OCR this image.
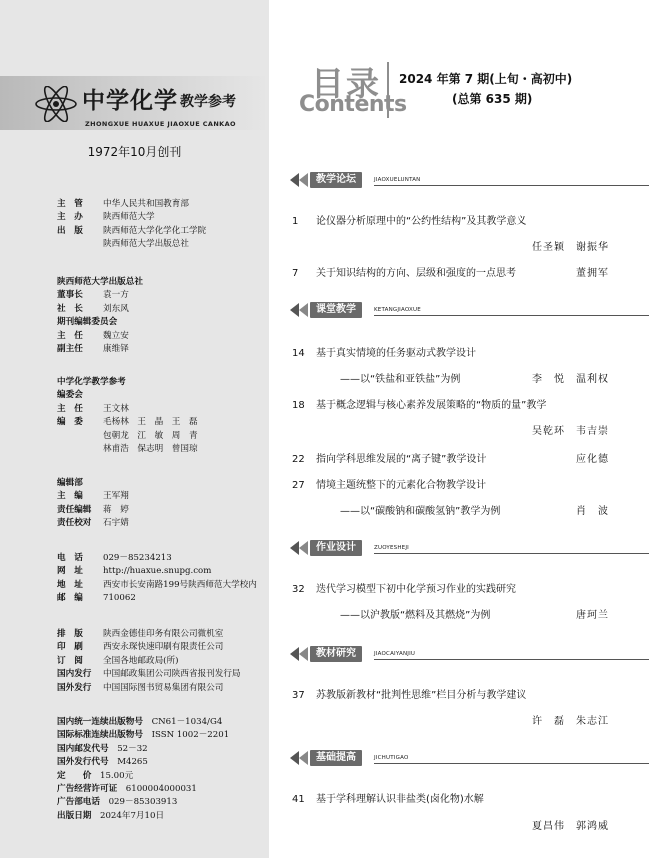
中学化学 教学参考
ZHONGXUE HUAXUE JIAOXUE CANKAO
1972年10月创刊
主　管 中华人民共和国教育部
主　办 陕西师范大学
出　版 陕西师范大学化学化工学院
陕西师范大学出版总社
陕西师范大学出版总社
董事长 袁一方
社　长 刘东风
期刊编辑委员会
主　任 魏立安
副主任 康维铎
中学化学教学参考
编委会
主　任 王文林
编　委 毛杨林　王　晶　王　磊
包朝龙　江　敏　周　青
林甫浩　保志明　曾国琼
编辑部
主　编 王军翔
责任编辑 蒋　婷
责任校对 石宇婧
电　话 029－85234213
网　址 http://huaxue.snupg.com
地　址 西安市长安南路199号陕西师范大学校内
邮　编 710062
排　版 陕西金德佳印务有限公司微机室
印　刷 西安永琛快速印刷有限责任公司
订　阅 全国各地邮政局(所)
国内发行 中国邮政集团公司陕西省报刊发行局
国外发行 中国国际图书贸易集团有限公司
国内统一连续出版物号　 CN61－1034/G4
国际标准连续出版物号　 ISSN 1002－2201
国内邮发代号　 52－32
国外发行代号　 M4265
定　　价　 15.00元
广告经营许可证　 6100004000031
广告部电话　 029－85303913
出版日期　 2024年7月10日
目录
Contents
2024 年第 7 期(上旬・高初中)
(总第 635 期)
教学论坛	JIAOXUELUNTAN
1 论仪器分析原理中的“公约性结构”及其教学意义
任圣颖　谢振华
7 关于知识结构的方向、层级和强度的一点思考	董拥军
课堂教学	KETANGJIAOXUE
14 基于真实情境的任务驱动式教学设计
——以“铁盐和亚铁盐”为例	李　悦　温利权
18 基于概念逻辑与核心素养发展策略的“物质的量”教学
吴乾环　韦吉崇
22 指向学科思维发展的“离子键”教学设计	应化德
27 情境主题统整下的元素化合物教学设计
——以“碳酸钠和碳酸氢钠”教学为例	肖　波
作业设计	ZUOYESHEJI
32 迭代学习模型下初中化学预习作业的实践研究
——以沪教版“燃料及其燃烧”为例	唐珂兰
教材研究	JIAOCAIYANJIU
37 苏教版新教材“批判性思维”栏目分析与教学建议
许　磊　朱志江
基础提高	JICHUTIGAO
41 基于学科理解认识非盐类(卤化物)水解
夏昌伟　郭鸿威
